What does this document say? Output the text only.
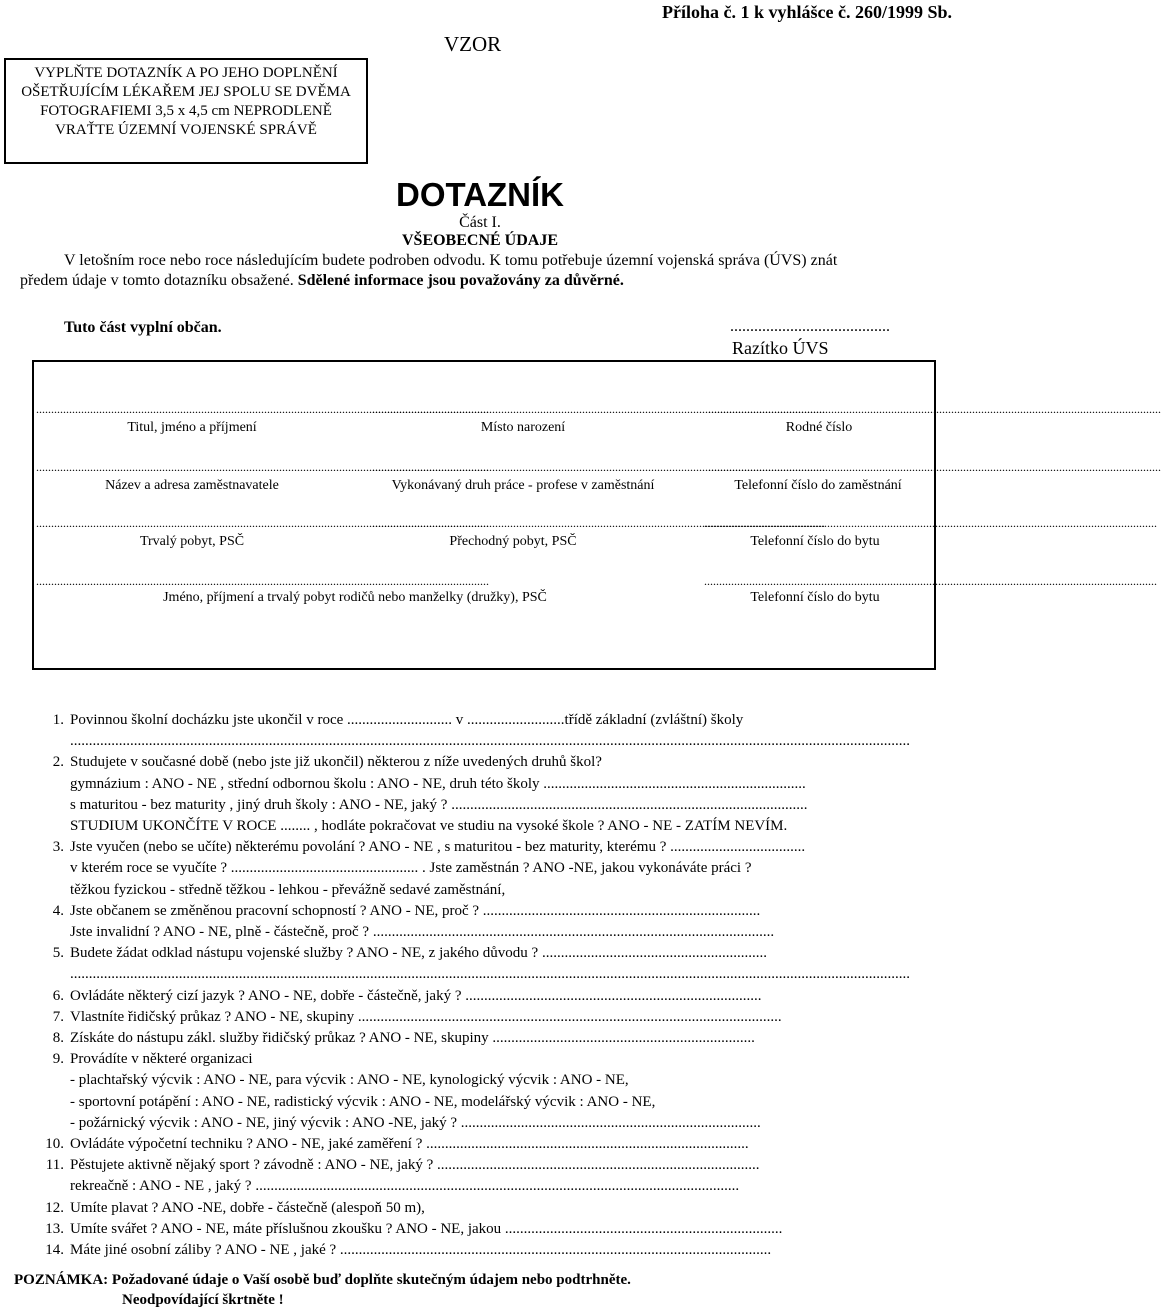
Příloha č. 1 k vyhlášce č. 260/1999 Sb.
VZOR
VYPLŇTE DOTAZNÍK A PO JEHO DOPLNĚNÍ
OŠETŘUJÍCÍM LÉKAŘEM JEJ SPOLU SE DVĚMA
FOTOGRAFIEMI 3,5 x 4,5 cm NEPRODLENĚ
VRAŤTE ÚZEMNÍ VOJENSKÉ SPRÁVĚ
DOTAZNÍK
Část I.
VŠEOBECNÉ ÚDAJE
V letošním roce nebo roce následujícím budete podroben odvodu. K tomu potřebuje územní vojenská správa (ÚVS) znát
předem údaje v tomto dotazníku obsažené. Sdělené informace jsou považovány za důvěrné.
Tuto část vyplní občan.	........................................
Razítko ÚVS
.......................................................................................................................................................
.......................................................................................................................................................
.......................................................................................................................................................
Titul, jméno a příjmení	Místo narození	Rodné číslo
.......................................................................................................................................................
.......................................................................................................................................................
.......................................................................................................................................................
Název a adresa zaměstnavatele	Vykonávaný druh práce - profese v zaměstnání	Telefonní číslo do zaměstnání
.......................................................................................................................................................
.......................................................................................................................................................
.......................................................................................................................................................
Trvalý pobyt, PSČ	Přechodný pobyt, PSČ	Telefonní číslo do bytu
.......................................................................................................................................................	.......................................................................................................................................................
Jméno, příjmení a trvalý pobyt rodičů nebo manželky (družky), PSČ	Telefonní číslo do bytu
1. Povinnou školní docházku jste ukončil v roce ............................ v ..........................třídě základní (zvláštní) školy
................................................................................................................................................................................................................................
2. Studujete v současné době (nebo jste již ukončil) některou z níže uvedených druhů škol?
gymnázium : ANO - NE , střední odbornou školu : ANO - NE, druh této školy ......................................................................
s maturitou - bez maturity , jiný druh školy : ANO - NE, jaký ? ...............................................................................................
STUDIUM UKONČÍTE V ROCE ........ , hodláte pokračovat ve studiu na vysoké škole ? ANO - NE - ZATÍM NEVÍM.
3. Jste vyučen (nebo se učíte) některému povolání ? ANO - NE , s maturitou - bez maturity, kterému ? ....................................
v kterém roce se vyučíte ? .................................................. . Jste zaměstnán ? ANO -NE, jakou vykonáváte práci ?
těžkou fyzickou - středně těžkou - lehkou - převážně sedavé zaměstnání,
4. Jste občanem se změněnou pracovní schopností ? ANO - NE, proč ? ..........................................................................
Jste invalidní ? ANO - NE, plně - částečně, proč ? ...........................................................................................................
5. Budete žádat odklad nástupu vojenské služby ? ANO - NE, z jakého důvodu ? ............................................................
................................................................................................................................................................................................................................
6. Ovládáte některý cizí jazyk ? ANO - NE, dobře - částečně, jaký ? ...............................................................................
7. Vlastníte řidičský průkaz ? ANO - NE, skupiny .................................................................................................................
8. Získáte do nástupu zákl. služby řidičský průkaz ? ANO - NE, skupiny ......................................................................
9. Provádíte v některé organizaci
- plachtařský výcvik : ANO - NE, para výcvik : ANO - NE, kynologický výcvik : ANO - NE,
- sportovní potápění : ANO - NE, radistický výcvik : ANO - NE, modelářský výcvik : ANO - NE,
- požárnický výcvik : ANO - NE, jiný výcvik : ANO -NE, jaký ? ................................................................................
10. Ovládáte výpočetní techniku ? ANO - NE, jaké zaměření ? ......................................................................................
11. Pěstujete aktivně nějaký sport ? závodně : ANO - NE, jaký ? ......................................................................................
rekreačně : ANO - NE , jaký ? .................................................................................................................................
12. Umíte plavat ? ANO -NE, dobře - částečně (alespoň 50 m),
13. Umíte svářet ? ANO - NE, máte příslušnou zkoušku ? ANO - NE, jakou ..........................................................................
14. Máte jiné osobní záliby ? ANO - NE , jaké ? ...................................................................................................................
POZNÁMKA: Požadované údaje o Vaší osobě buď doplňte skutečným údajem nebo podtrhněte.
Neodpovídající škrtněte !
